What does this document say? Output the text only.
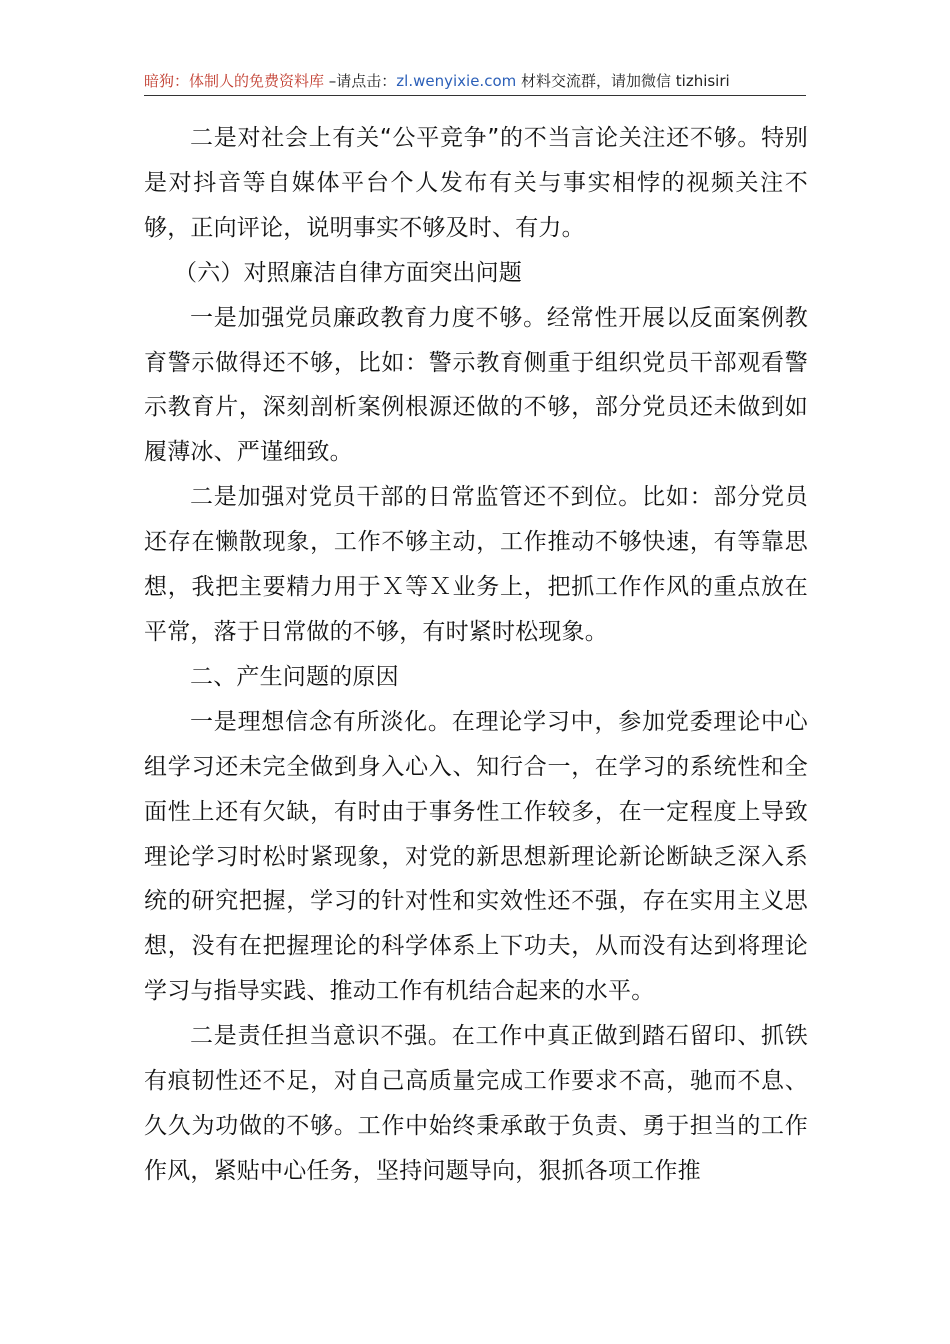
暗狗：体制人的免费资料库 –请点击：zl.wenyixie.com 材料交流群，请加微信 tizhisiri

二是对社会上有关“公平竞争”的不当言论关注还不够。特别是对抖音等自媒体平台个人发布有关与事实相悖的视频关注不够，正向评论，说明事实不够及时、有力。

（六）对照廉洁自律方面突出问题

一是加强党员廉政教育力度不够。经常性开展以反面案例教育警示做得还不够，比如：警示教育侧重于组织党员干部观看警示教育片，深刻剖析案例根源还做的不够，部分党员还未做到如履薄冰、严谨细致。

二是加强对党员干部的日常监管还不到位。比如：部分党员还存在懒散现象，工作不够主动，工作推动不够快速，有等靠思想，我把主要精力用于Ｘ等Ｘ业务上，把抓工作作风的重点放在平常，落于日常做的不够，有时紧时松现象。

二、产生问题的原因

一是理想信念有所淡化。在理论学习中，参加党委理论中心组学习还未完全做到身入心入、知行合一，在学习的系统性和全面性上还有欠缺，有时由于事务性工作较多，在一定程度上导致理论学习时松时紧现象，对党的新思想新理论新论断缺乏深入系统的研究把握，学习的针对性和实效性还不强，存在实用主义思想，没有在把握理论的科学体系上下功夫，从而没有达到将理论学习与指导实践、推动工作有机结合起来的水平。

二是责任担当意识不强。在工作中真正做到踏石留印、抓铁有痕韧性还不足，对自己高质量完成工作要求不高，驰而不息、久久为功做的不够。工作中始终秉承敢于负责、勇于担当的工作作风，紧贴中心任务，坚持问题导向，狠抓各项工作推
